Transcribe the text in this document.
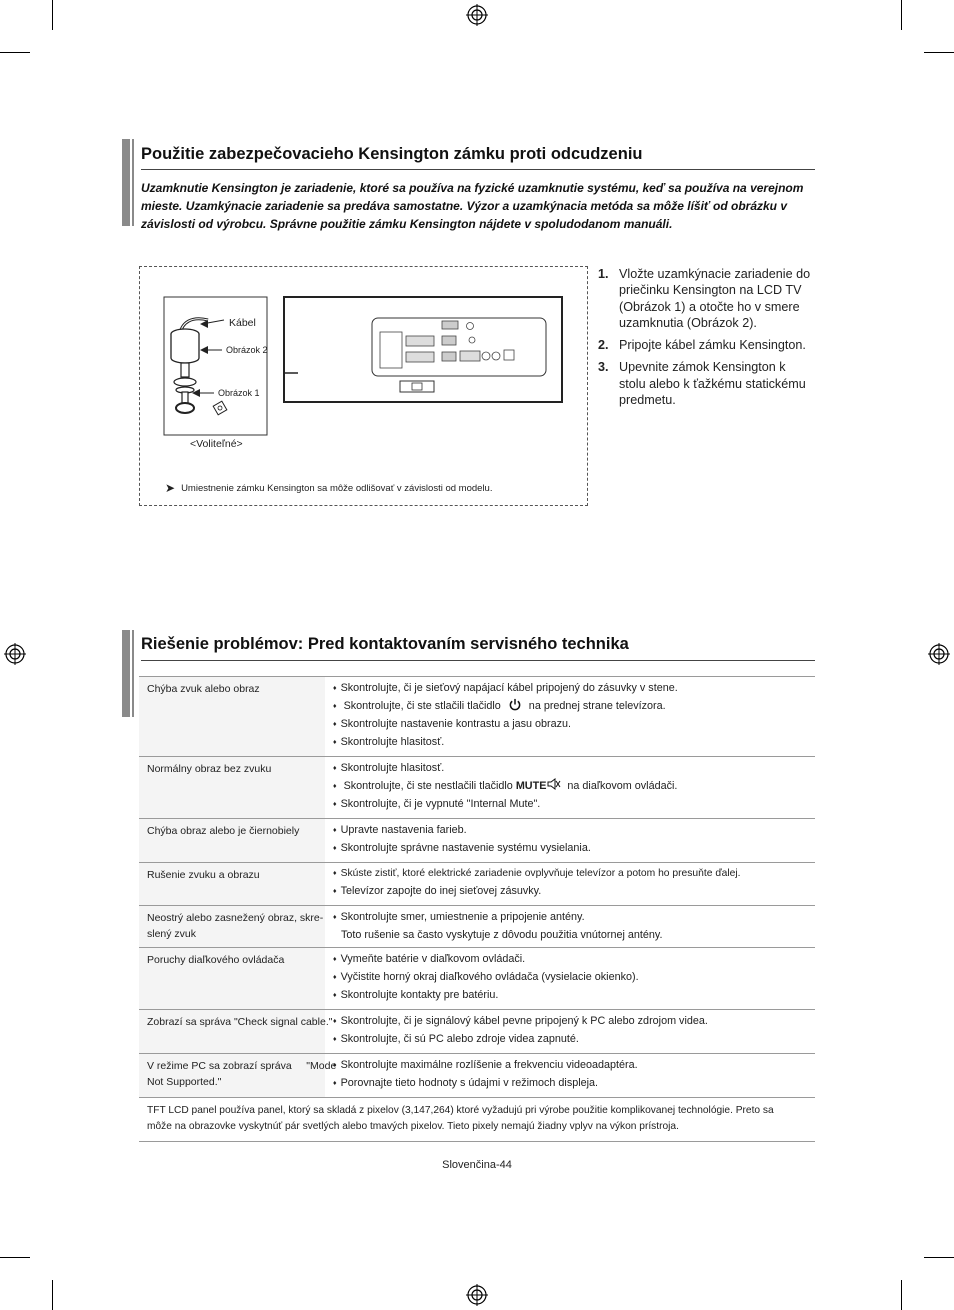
Použitie zabezpečovacieho Kensington zámku proti odcudzeniu
Uzamknutie Kensington je zariadenie, ktoré sa používa na fyzické uzamknutie systému, keď sa používa na verejnom mieste. Uzamkýnacie zariadenie sa predáva samostatne. Výzor a uzamkýnacia metóda sa môže líšiť od obrázku v závislosti od výrobcu. Správne použitie zámku Kensington nájdete v spoludodanom manuáli.
Kábel
Obrázok 2
Obrázok 1
<Voliteľné>
➤ Umiestnenie zámku Kensington sa môže odlišovať v závislosti od modelu.
1. Vložte uzamkýnacie zariadenie do priečinku Kensington na LCD TV (Obrázok 1) a otočte ho v smere uzamknutia (Obrázok 2).
2. Pripojte kábel zámku Kensington.
3. Upevnite zámok Kensington k stolu alebo k ťažkému statickému predmetu.
Riešenie problémov: Pred kontaktovaním servisného technika
Chýba zvuk alebo obraz	♦ Skontrolujte, či je sieťový napájací kábel pripojený do zásuvky v stene.
♦ Skontrolujte, či ste stlačili tlačidlo  na prednej strane televízora.
♦ Skontrolujte nastavenie kontrastu a jasu obrazu.
♦ Skontrolujte hlasitosť.
Normálny obraz bez zvuku	♦ Skontrolujte hlasitosť.
♦ Skontrolujte, či ste nestlačili tlačidlo MUTE na diaľkovom ovládači.
♦ Skontrolujte, či je vypnuté "Internal Mute".
Chýba obraz alebo je čiernobiely	♦ Upravte nastavenia farieb.
♦ Skontrolujte správne nastavenie systému vysielania.
Rušenie zvuku a obrazu	♦ Skúste zistiť, ktoré elektrické zariadenie ovplyvňuje televízor a potom ho presuňte ďalej.
♦ Televízor zapojte do inej sieťovej zásuvky.
Neostrý alebo zasnežený obraz, skre-
slený zvuk
♦ Skontrolujte smer, umiestnenie a pripojenie antény.
Toto rušenie sa často vyskytuje z dôvodu použitia vnútornej antény.
Poruchy diaľkového ovládača	♦ Vymeňte batérie v diaľkovom ovládači.
♦ Vyčistite horný okraj diaľkového ovládača (vysielacie okienko).
♦ Skontrolujte kontakty pre batériu.
Zobrazí sa správa "Check signal cable." ♦ Skontrolujte, či je signálový kábel pevne pripojený k PC alebo zdrojom videa.
♦ Skontrolujte, či sú PC alebo zdroje videa zapnuté.
V režime PC sa zobrazí správa     "Mode
Not Supported."
♦ Skontrolujte maximálne rozlíšenie a frekvenciu videoadaptéra.
♦ Porovnajte tieto hodnoty s údajmi v režimoch displeja.
TFT LCD panel používa panel, ktorý sa skladá z pixelov (3,147,264) ktoré vyžadujú pri výrobe použitie komplikovanej technológie. Preto sa
môže na obrazovke vyskytnúť pár svetlých alebo tmavých pixelov. Tieto pixely nemajú žiadny vplyv na výkon prístroja.
Slovenčina-44
